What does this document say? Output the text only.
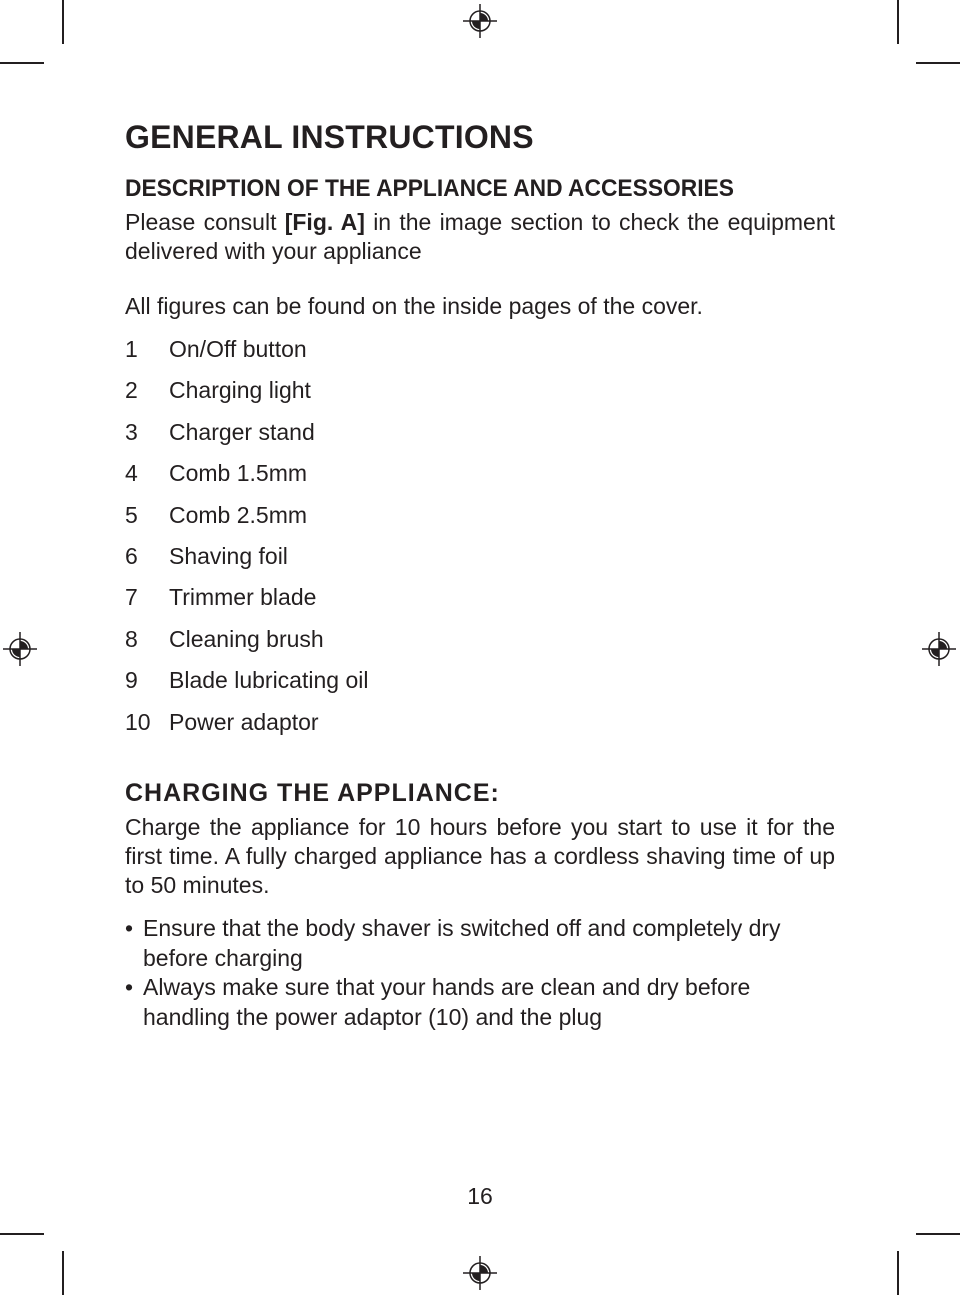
GENERAL INSTRUCTIONS
DESCRIPTION OF THE APPLIANCE AND ACCESSORIES

Please consult [Fig. A] in the image section to check the equipment delivered with your appliance

All figures can be found on the inside pages of the cover.

1	On/Off button
2	Charging light
3	Charger stand
4	Comb 1.5mm
5	Comb 2.5mm
6	Shaving foil
7	Trimmer blade
8	Cleaning brush
9	Blade lubricating oil
10 Power adaptor
CHARGING THE APPLIANCE:

Charge the appliance for 10 hours before you start to use it for the first time. A fully charged appliance has a cordless shaving time of up to 50 minutes.

• Ensure that the body shaver is switched off and completely dry before charging
• Always make sure that your hands are clean and dry before handling the power adaptor (10) and the plug
16
